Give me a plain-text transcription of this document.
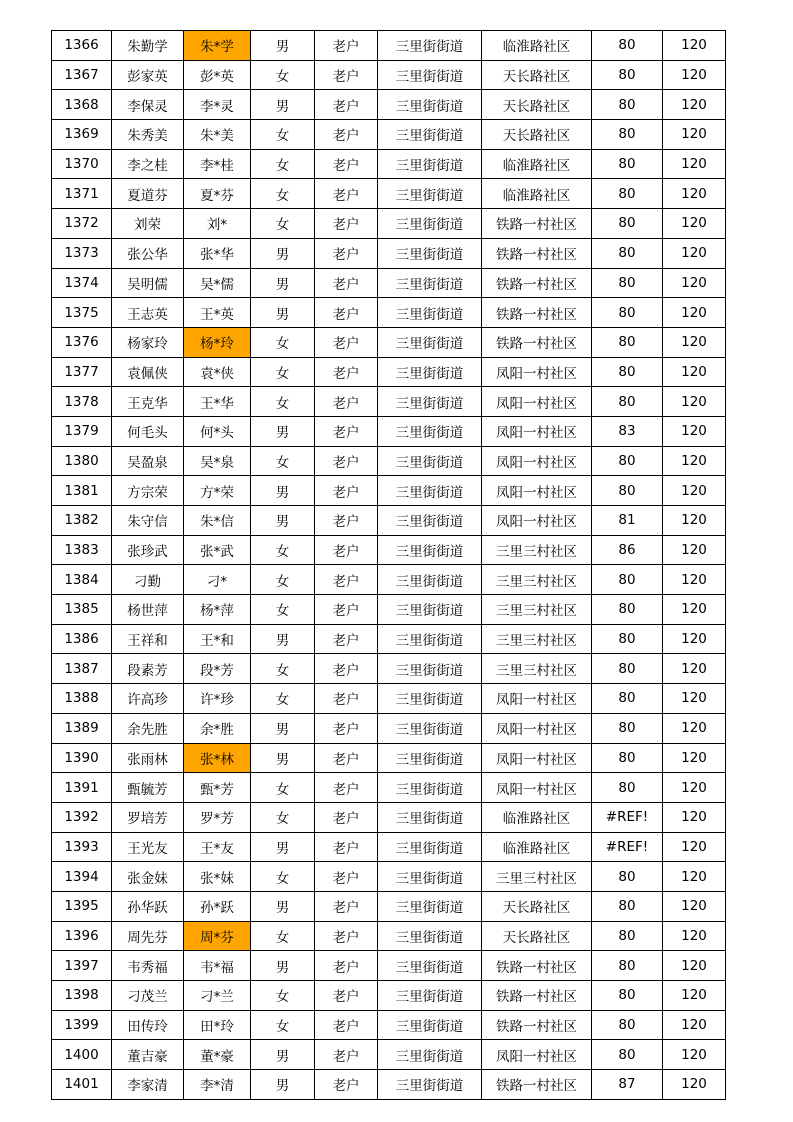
1366	朱勤学	朱*学	男	老户	三里街街道	临淮路社区	80	120
1367	彭家英	彭*英	女	老户	三里街街道	天长路社区	80	120
1368	李保灵	李*灵	男	老户	三里街街道	天长路社区	80	120
1369	朱秀美	朱*美	女	老户	三里街街道	天长路社区	80	120
1370	李之桂	李*桂	女	老户	三里街街道	临淮路社区	80	120
1371	夏道芬	夏*芬	女	老户	三里街街道	临淮路社区	80	120
1372	刘荣	刘*	女	老户	三里街街道	铁路一村社区	80	120
1373	张公华	张*华	男	老户	三里街街道	铁路一村社区	80	120
1374	吴明儒	吴*儒	男	老户	三里街街道	铁路一村社区	80	120
1375	王志英	王*英	男	老户	三里街街道	铁路一村社区	80	120
1376	杨家玲	杨*玲	女	老户	三里街街道	铁路一村社区	80	120
1377	袁佩侠	袁*侠	女	老户	三里街街道	凤阳一村社区	80	120
1378	王克华	王*华	女	老户	三里街街道	凤阳一村社区	80	120
1379	何毛头	何*头	男	老户	三里街街道	凤阳一村社区	83	120
1380	吴盈泉	吴*泉	女	老户	三里街街道	凤阳一村社区	80	120
1381	方宗荣	方*荣	男	老户	三里街街道	凤阳一村社区	80	120
1382	朱守信	朱*信	男	老户	三里街街道	凤阳一村社区	81	120
1383	张珍武	张*武	女	老户	三里街街道	三里三村社区	86	120
1384	刁勤	刁*	女	老户	三里街街道	三里三村社区	80	120
1385	杨世萍	杨*萍	女	老户	三里街街道	三里三村社区	80	120
1386	王祥和	王*和	男	老户	三里街街道	三里三村社区	80	120
1387	段素芳	段*芳	女	老户	三里街街道	三里三村社区	80	120
1388	许高珍	许*珍	女	老户	三里街街道	凤阳一村社区	80	120
1389	余先胜	余*胜	男	老户	三里街街道	凤阳一村社区	80	120
1390	张雨林	张*林	男	老户	三里街街道	凤阳一村社区	80	120
1391	甄毓芳	甄*芳	女	老户	三里街街道	凤阳一村社区	80	120
1392	罗培芳	罗*芳	女	老户	三里街街道	临淮路社区	#REF!	120
1393	王光友	王*友	男	老户	三里街街道	临淮路社区	#REF!	120
1394	张金妹	张*妹	女	老户	三里街街道	三里三村社区	80	120
1395	孙华跃	孙*跃	男	老户	三里街街道	天长路社区	80	120
1396	周先芬	周*芬	女	老户	三里街街道	天长路社区	80	120
1397	韦秀福	韦*福	男	老户	三里街街道	铁路一村社区	80	120
1398	刁茂兰	刁*兰	女	老户	三里街街道	铁路一村社区	80	120
1399	田传玲	田*玲	女	老户	三里街街道	铁路一村社区	80	120
1400	董吉豪	董*豪	男	老户	三里街街道	凤阳一村社区	80	120
1401	李家清	李*清	男	老户	三里街街道	铁路一村社区	87	120
